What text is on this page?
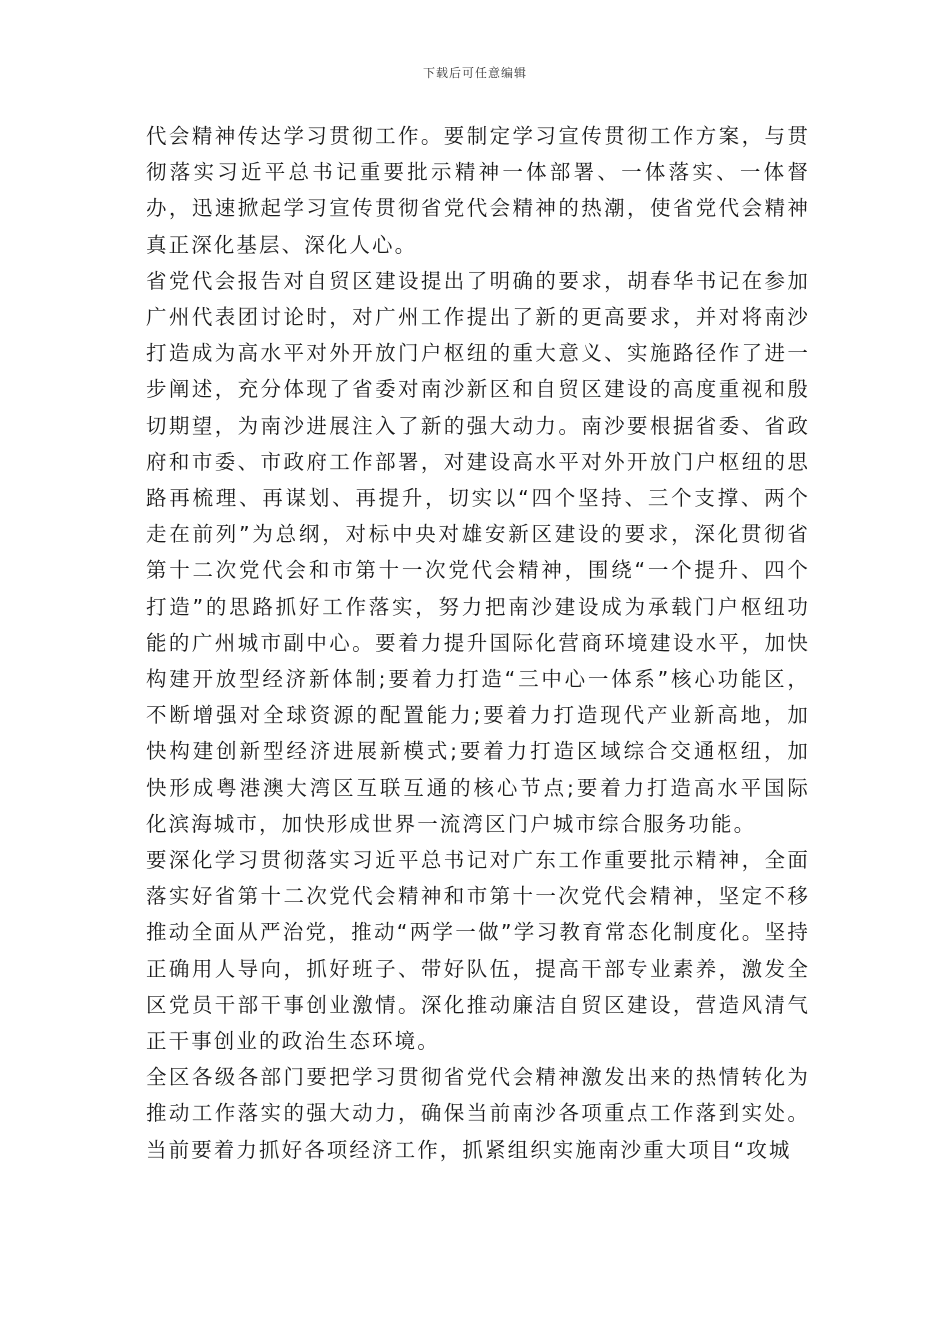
下载后可任意编辑

代会精神传达学习贯彻工作。要制定学习宣传贯彻工作方案，与贯彻落实习近平总书记重要批示精神一体部署、一体落实、一体督办，迅速掀起学习宣传贯彻省党代会精神的热潮，使省党代会精神真正深化基层、深化人心。

省党代会报告对自贸区建设提出了明确的要求，胡春华书记在参加广州代表团讨论时，对广州工作提出了新的更高要求，并对将南沙打造成为高水平对外开放门户枢纽的重大意义、实施路径作了进一步阐述，充分体现了省委对南沙新区和自贸区建设的高度重视和殷切期望，为南沙进展注入了新的强大动力。南沙要根据省委、省政府和市委、市政府工作部署，对建设高水平对外开放门户枢纽的思路再梳理、再谋划、再提升，切实以“四个坚持、三个支撑、两个走在前列”为总纲，对标中央对雄安新区建设的要求，深化贯彻省第十二次党代会和市第十一次党代会精神，围绕“一个提升、四个打造”的思路抓好工作落实，努力把南沙建设成为承载门户枢纽功能的广州城市副中心。要着力提升国际化营商环境建设水平，加快构建开放型经济新体制;要着力打造“三中心一体系”核心功能区，不断增强对全球资源的配置能力;要着力打造现代产业新高地，加快构建创新型经济进展新模式;要着力打造区域综合交通枢纽，加快形成粤港澳大湾区互联互通的核心节点;要着力打造高水平国际化滨海城市，加快形成世界一流湾区门户城市综合服务功能。

要深化学习贯彻落实习近平总书记对广东工作重要批示精神，全面落实好省第十二次党代会精神和市第十一次党代会精神，坚定不移推动全面从严治党，推动“两学一做”学习教育常态化制度化。坚持正确用人导向，抓好班子、带好队伍，提高干部专业素养，激发全区党员干部干事创业激情。深化推动廉洁自贸区建设，营造风清气正干事创业的政治生态环境。

全区各级各部门要把学习贯彻省党代会精神激发出来的热情转化为推动工作落实的强大动力，确保当前南沙各项重点工作落到实处。当前要着力抓好各项经济工作，抓紧组织实施南沙重大项目“攻城
